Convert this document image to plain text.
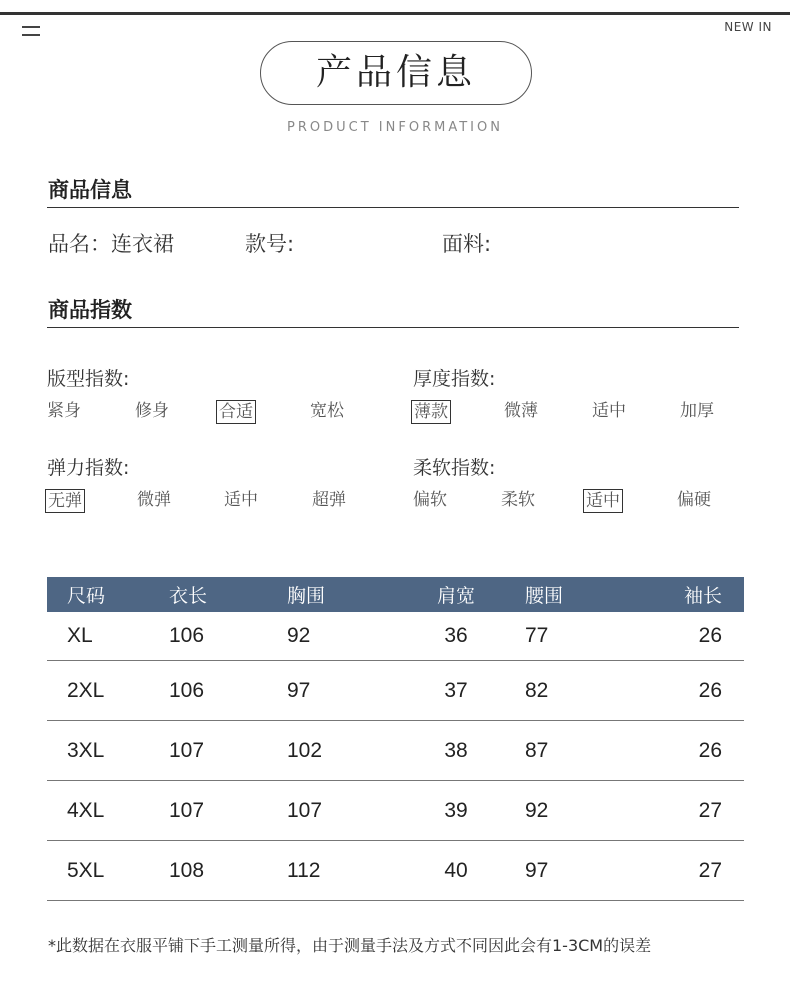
NEW IN
产品信息
PRODUCT INFORMATION
商品信息
品名：连衣裙	款号:	面料:
商品指数
版型指数:
紧身	修身	合适	宽松
厚度指数:
薄款	微薄	适中	加厚
弹力指数:
无弹	微弹	适中	超弹
柔软指数:
偏软	柔软	适中	偏硬
尺码	衣长	胸围	肩宽	腰围	袖长
XL	106	92	36	77	26
2XL	106	97	37	82	26
3XL	107	102	38	87	26
4XL	107	107	39	92	27
5XL	108	112	40	97	27
*此数据在衣服平铺下手工测量所得，由于测量手法及方式不同因此会有1-3CM的误差
